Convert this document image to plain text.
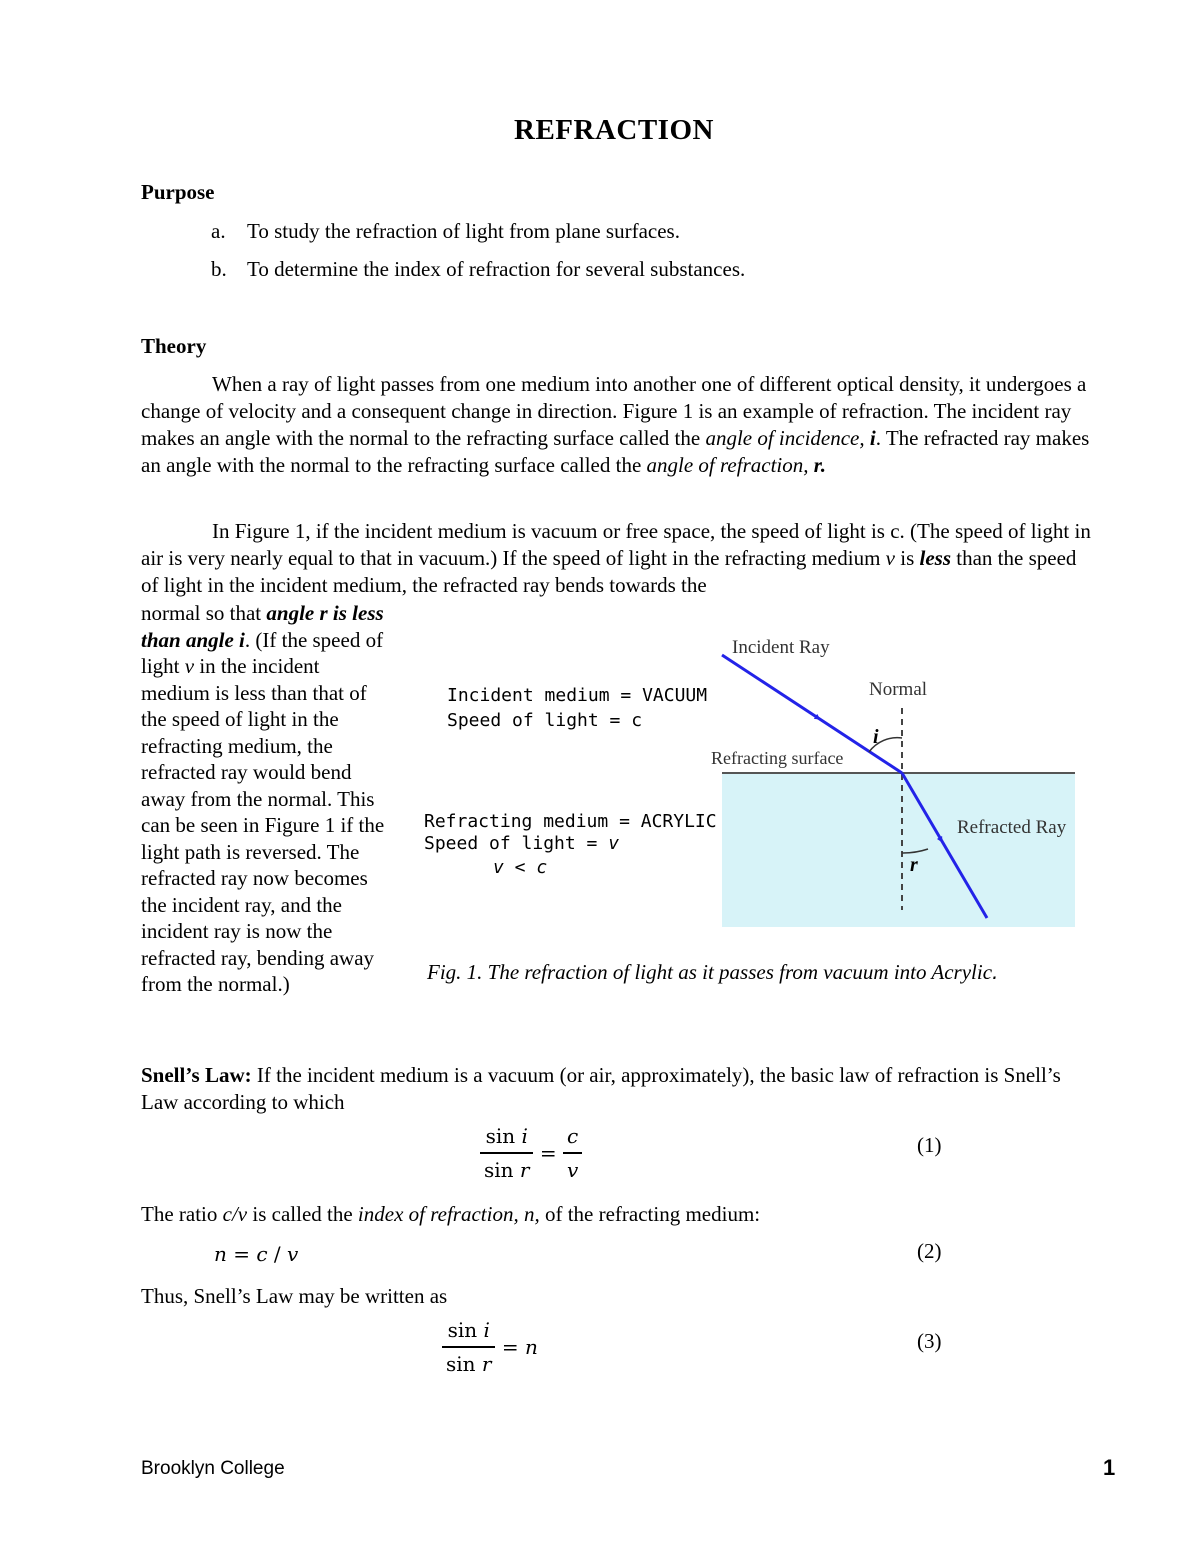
REFRACTION
Purpose
a. To study the refraction of light from plane surfaces.
b. To determine the index of refraction for several substances.
Theory
When a ray of light passes from one medium into another one of different optical density, it undergoes a change of velocity and a consequent change in direction. Figure 1 is an example of refraction. The incident ray makes an angle with the normal to the refracting surface called the angle of incidence, i. The refracted ray makes an angle with the normal to the refracting surface called the angle of refraction, r.
In Figure 1, if the incident medium is vacuum or free space, the speed of light is c. (The speed of light in air is very nearly equal to that in vacuum.) If the speed of light in the refracting medium v is less than the speed of light in the incident medium, the refracted ray bends towards the
normal so that angle r is less than angle i. (If the speed of light v in the incident medium is less than that of the speed of light in the refracting medium, the refracted ray would bend away from the normal. This can be seen in Figure 1 if the light path is reversed. The refracted ray now becomes the incident ray, and the incident ray is now the refracted ray, bending away from the normal.)
Incident medium = VACUUM
Speed of light = c
Refracting medium = ACRYLIC
Speed of light = v
v < c
Incident Ray
Normal
Refracting surface
Refracted Ray
i
r
Fig. 1. The refraction of light as it passes from vacuum into Acrylic.
Snell’s Law: If the incident medium is a vacuum (or air, approximately), the basic law of refraction is Snell’s Law according to which
$\frac{\text{sin 𝑖}}{\text{sin 𝑟}} = \frac{\text{𝑐}}{\text{𝑣}}$	(1)
The ratio c/v is called the index of refraction, n, of the refracting medium:
𝑛 = 𝑐 / 𝑣	(2)
Thus, Snell’s Law may be written as
$\frac{\text{sin 𝑖}}{\text{sin 𝑟}}$ = 𝑛	(3)
Brooklyn College	1
